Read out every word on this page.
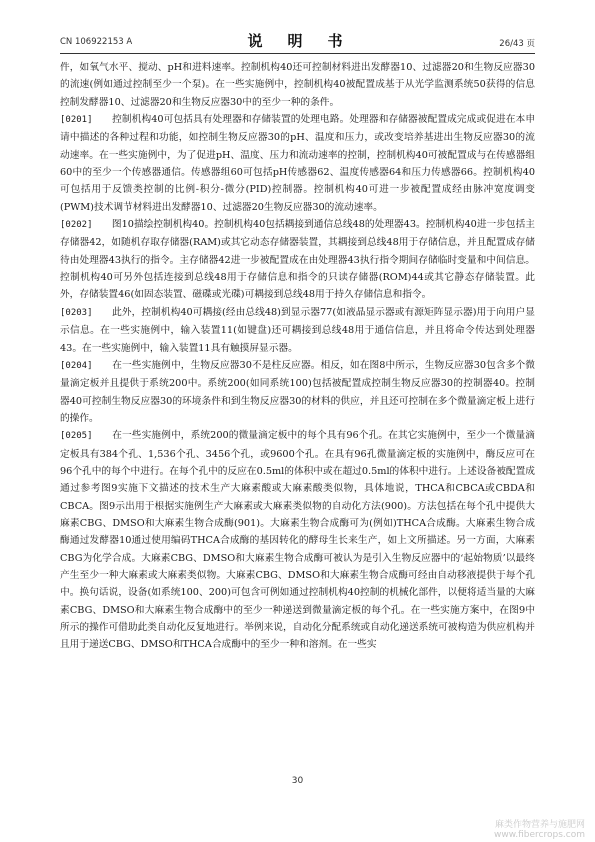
CN 106922153 A	说　明　书	26/43 页

件，如氧气水平、搅动、pH和进料速率。控制机构40还可控制材料进出发酵器10、过滤器20和生物反应器30的流速(例如通过控制至少一个泵)。在一些实施例中，控制机构40被配置成基于从光学监测系统50获得的信息控制发酵器10、过滤器20和生物反应器30中的至少一种的条件。

[0201]　　 控制机构40可包括具有处理器和存储装置的处理电路。处理器和存储器被配置成完成或促进在本申请中描述的各种过程和功能，如控制生物反应器30的pH、温度和压力，或改变培养基进出生物反应器30的流动速率。在一些实施例中，为了促进pH、温度、压力和流动速率的控制，控制机构40可被配置成与在传感器组60中的至少一个传感器通信。传感器组60可包括pH传感器62、温度传感器64和压力传感器66。控制机构40可包括用于反馈类控制的比例-积分-微分(PID)控制器。控制机构40可进一步被配置成经由脉冲宽度调变(PWM)技术调节材料进出发酵器10、过滤器20生物反应器30的流动速率。

[0202]　　 图10描绘控制机构40。控制机构40包括耦接到通信总线48的处理器43。控制机构40进一步包括主存储器42，如随机存取存储器(RAM)或其它动态存储器装置，其耦接到总线48用于存储信息，并且配置成存储待由处理器43执行的指令。主存储器42进一步被配置成在由处理器43执行指令期间存储临时变量和中间信息。控制机构40可另外包括连接到总线48用于存储信息和指令的只读存储器(ROM)44或其它静态存储装置。此外，存储装置46(如固态装置、磁碟或光碟)可耦接到总线48用于持久存储信息和指令。

[0203]　　 此外，控制机构40可耦接(经由总线48)到显示器77(如液晶显示器或有源矩阵显示器)用于向用户显示信息。在一些实施例中，输入装置11(如键盘)还可耦接到总线48用于通信信息，并且将命令传达到处理器43。在一些实施例中，输入装置11具有触摸屏显示器。

[0204]　　 在一些实施例中，生物反应器30不是柱反应器。相反，如在图8中所示，生物反应器30包含多个微量滴定板并且提供于系统200中。系统200(如同系统100)包括被配置成控制生物反应器30的控制器40。控制器40可控制生物反应器30的环境条件和到生物反应器30的材料的供应，并且还可控制在多个微量滴定板上进行的操作。

[0205]　　 在一些实施例中，系统200的微量滴定板中的每个具有96个孔。在其它实施例中，至少一个微量滴定板具有384个孔、1,536个孔、3456个孔，或9600个孔。在具有96孔微量滴定板的实施例中，酶反应可在96个孔中的每个中进行。在每个孔中的反应在0.5ml的体积中或在超过0.5ml的体积中进行。上述设备被配置成通过参考图9实施下文描述的技术生产大麻素酸或大麻素酸类似物，具体地说，THCA和CBCA或CBDA和CBCA。图9示出用于根据实施例生产大麻素或大麻素类似物的自动化方法(900)。方法包括在每个孔中提供大麻素CBG、DMSO和大麻素生物合成酶(901)。大麻素生物合成酶可为(例如)THCA合成酶。大麻素生物合成酶通过发酵器10通过使用编码THCA合成酶的基因转化的酵母生长来生产，如上文所描述。另一方面，大麻素CBG为化学合成。大麻素CBG、DMSO和大麻素生物合成酶可被认为是引入生物反应器中的‘起始物质’以最终产生至少一种大麻素或大麻素类似物。大麻素CBG、DMSO和大麻素生物合成酶可经由自动移液提供于每个孔中。换句话说，设备(如系统100、200)可包含可例如通过控制机构40控制的机械化部件，以便将适当量的大麻素CBG、DMSO和大麻素生物合成酶中的至少一种递送到微量滴定板的每个孔。在一些实施方案中，在图9中所示的操作可借助此类自动化反复地进行。举例来说，自动化分配系统或自动化递送系统可被构造为供应机构并且用于递送CBG、DMSO和THCA合成酶中的至少一种和溶剂。在一些实

30
麻类作物营养与施肥网
www.fibercrops.com
